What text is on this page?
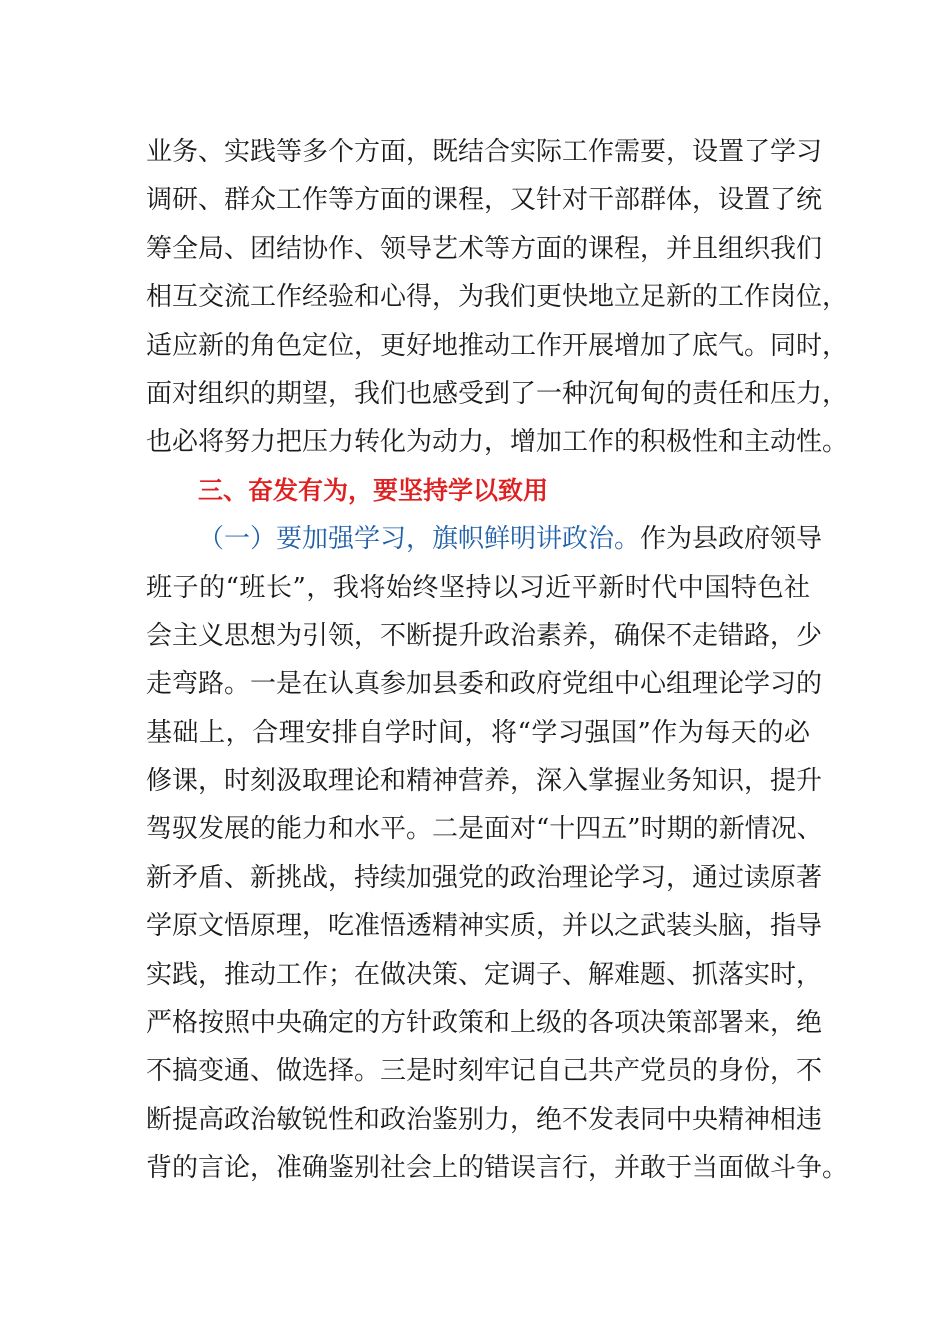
业务、实践等多个方面，既结合实际工作需要，设置了学习
调研、群众工作等方面的课程，又针对干部群体，设置了统
筹全局、团结协作、领导艺术等方面的课程，并且组织我们
相互交流工作经验和心得，为我们更快地立足新的工作岗位，
适应新的角色定位，更好地推动工作开展增加了底气。同时，
面对组织的期望，我们也感受到了一种沉甸甸的责任和压力，
也必将努力把压力转化为动力，增加工作的积极性和主动性。
三、奋发有为，要坚持学以致用
（一）要加强学习，旗帜鲜明讲政治。作为县政府领导
班子的“班长”，我将始终坚持以习近平新时代中国特色社
会主义思想为引领，不断提升政治素养，确保不走错路，少
走弯路。一是在认真参加县委和政府党组中心组理论学习的
基础上，合理安排自学时间，将“学习强国”作为每天的必
修课，时刻汲取理论和精神营养，深入掌握业务知识，提升
驾驭发展的能力和水平。二是面对“十四五”时期的新情况、
新矛盾、新挑战，持续加强党的政治理论学习，通过读原著
学原文悟原理，吃准悟透精神实质，并以之武装头脑，指导
实践，推动工作；在做决策、定调子、解难题、抓落实时，
严格按照中央确定的方针政策和上级的各项决策部署来，绝
不搞变通、做选择。三是时刻牢记自己共产党员的身份，不
断提高政治敏锐性和政治鉴别力，绝不发表同中央精神相违
背的言论，准确鉴别社会上的错误言行，并敢于当面做斗争。
